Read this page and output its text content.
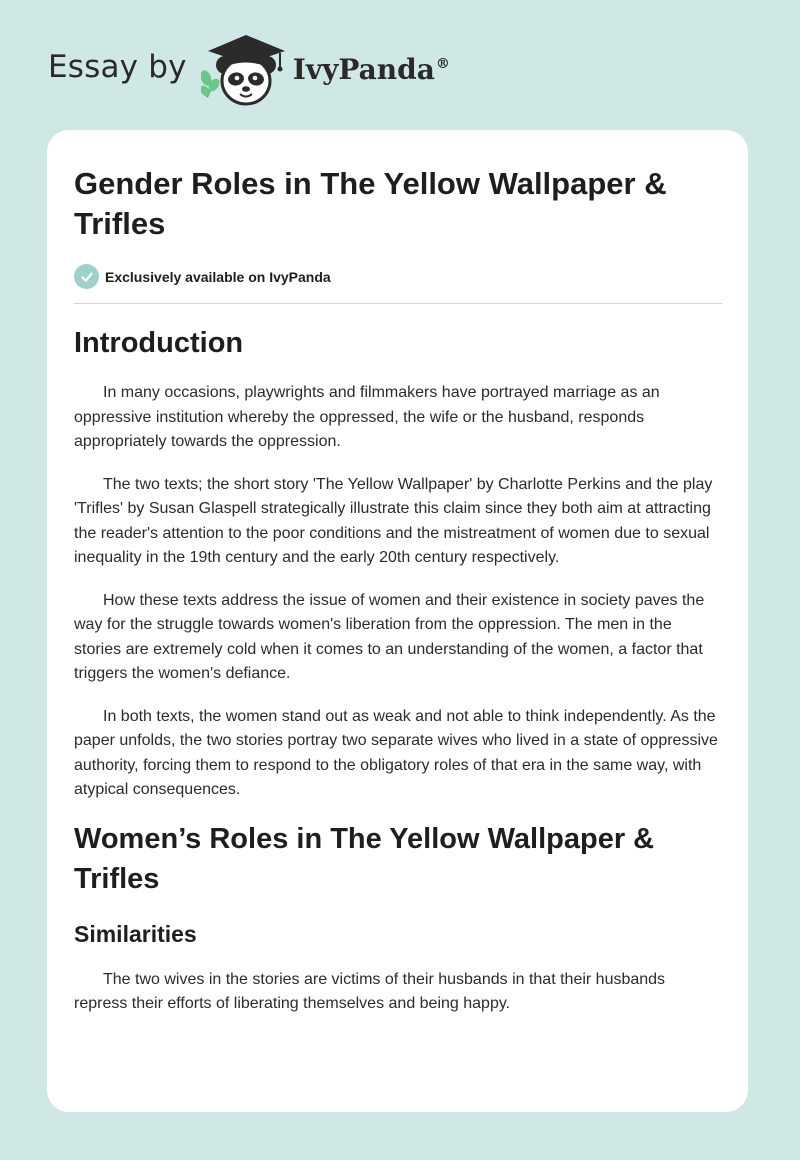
Essay by	IvyPanda®
Gender Roles in The Yellow Wallpaper & Trifles
Exclusively available on IvyPanda
Introduction

In many occasions, playwrights and filmmakers have portrayed marriage as an oppressive institution whereby the oppressed, the wife or the husband, responds appropriately towards the oppression.

The two texts; the short story 'The Yellow Wallpaper' by Charlotte Perkins and the play 'Trifles' by Susan Glaspell strategically illustrate this claim since they both aim at attracting the reader's attention to the poor conditions and the mistreatment of women due to sexual inequality in the 19th century and the early 20th century respectively.

How these texts address the issue of women and their existence in society paves the way for the struggle towards women's liberation from the oppression. The men in the stories are extremely cold when it comes to an understanding of the women, a factor that triggers the women's defiance.

In both texts, the women stand out as weak and not able to think independently. As the paper unfolds, the two stories portray two separate wives who lived in a state of oppressive authority, forcing them to respond to the obligatory roles of that era in the same way, with atypical consequences.

Women’s Roles in The Yellow Wallpaper & Trifles
Similarities

The two wives in the stories are victims of their husbands in that their husbands repress their efforts of liberating themselves and being happy.
